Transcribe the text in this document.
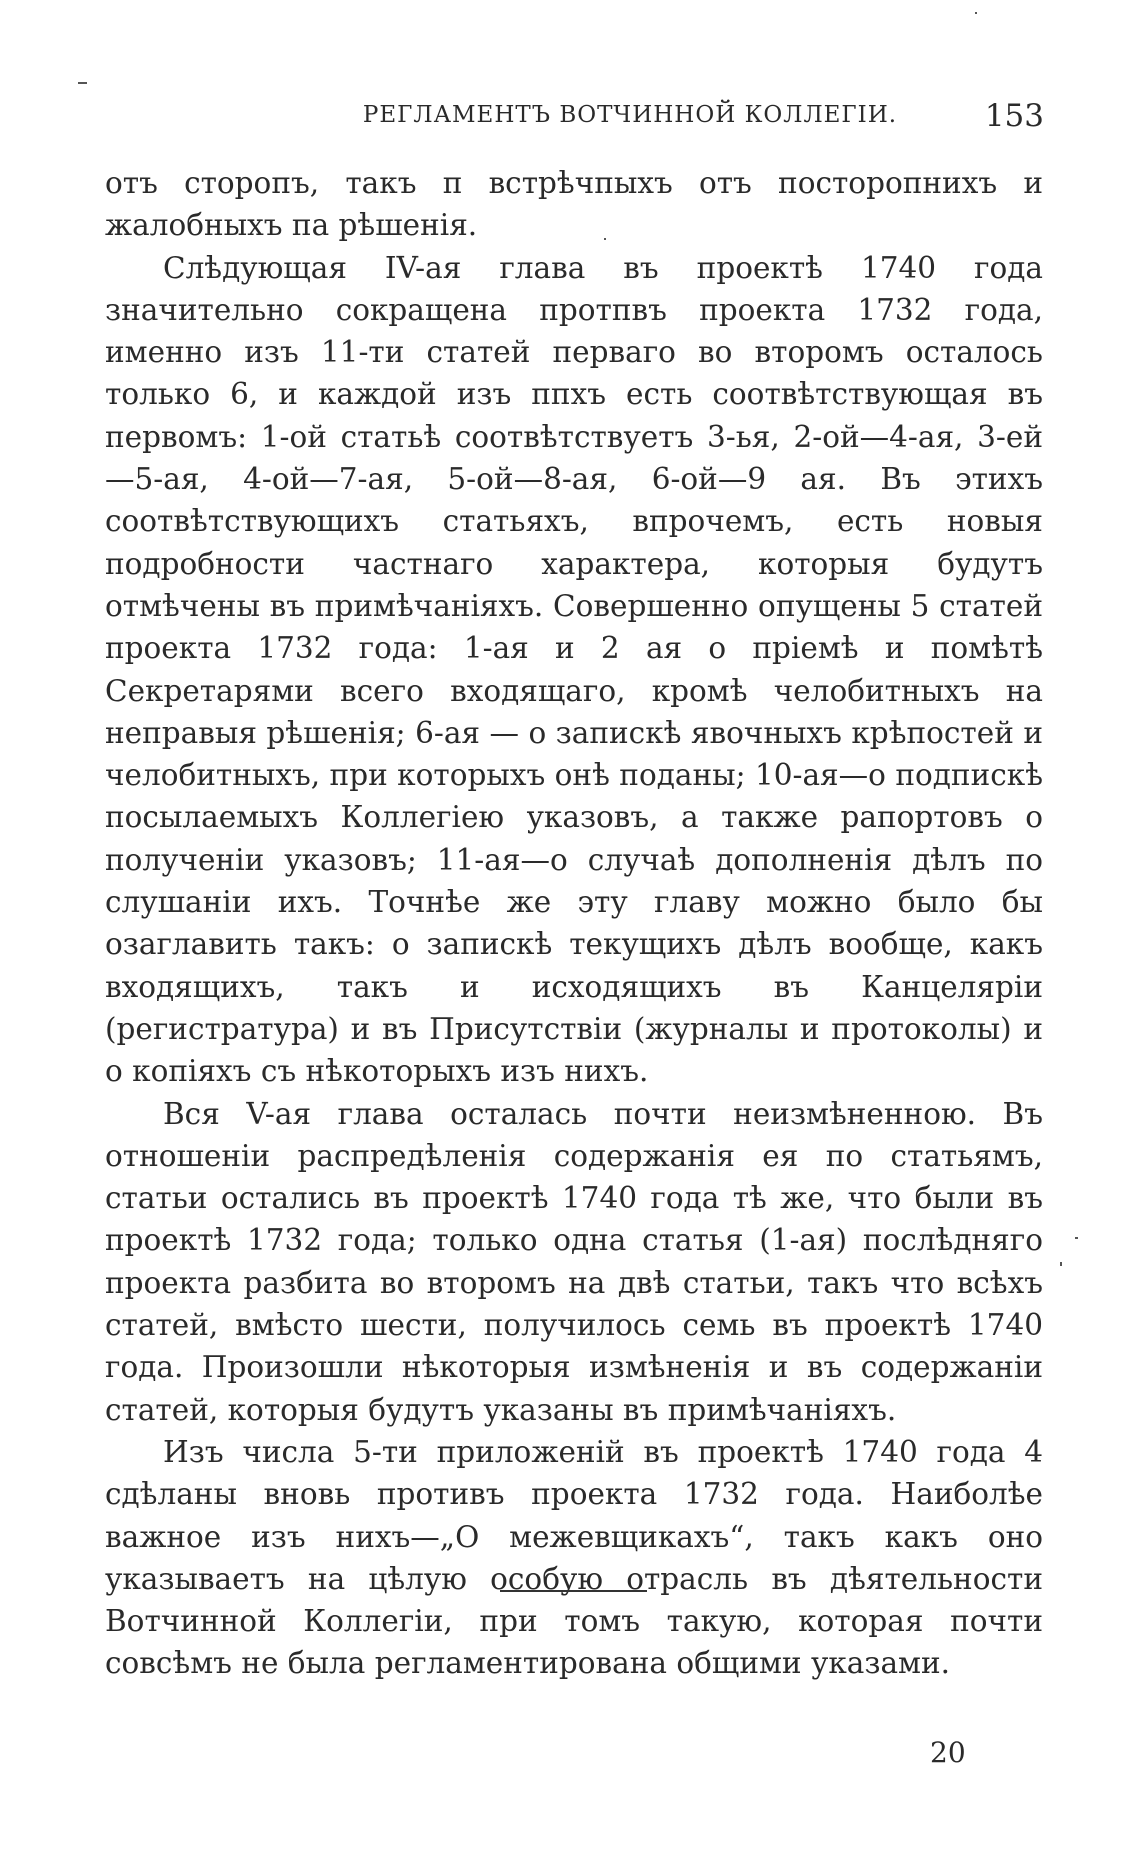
РЕГЛАМЕНТЪ ВОТЧИННОЙ КОЛЛЕГІИ.	153

отъ сторопъ, такъ п встрѣчпыхъ отъ посторопнихъ и жалобныхъ па рѣшенія.

Слѣдующая IV-ая глава въ проектѣ 1740 года значительно сокращена протпвъ проекта 1732 года, именно изъ 11-ти статей перваго во второмъ осталось только 6, и каждой изъ ппхъ есть соотвѣтствующая въ первомъ: 1-ой статьѣ соотвѣтствуетъ 3-ья, 2-ой—4-ая, 3-ей—5-ая, 4-ой—7-ая, 5-ой—8-ая, 6-ой—9 ая. Въ этихъ соотвѣтствующихъ статьяхъ, впрочемъ, есть новыя подробности частнаго характера, которыя будутъ отмѣчены въ примѣчаніяхъ. Совершенно опущены 5 статей проекта 1732 года: 1-ая и 2 ая о пріемѣ и помѣтѣ Секретарями всего входящаго, кромѣ челобитныхъ на неправыя рѣшенія; 6-ая — о запискѣ явочныхъ крѣпостей и челобитныхъ, при которыхъ онѣ поданы; 10-ая—о подпискѣ посылаемыхъ Коллегіею указовъ, а также рапортовъ о полученіи указовъ; 11-ая—о случаѣ дополненія дѣлъ по слушаніи ихъ. Точнѣе же эту главу можно было бы озаглавить такъ: о запискѣ текущихъ дѣлъ вообще, какъ входящихъ, такъ и исходящихъ въ Канцеляріи (регистратура) и въ Присутствіи (журналы и протоколы) и о копіяхъ съ нѣкоторыхъ изъ нихъ.

Вся V-ая глава осталась почти неизмѣненною. Въ отношеніи распредѣленія содержанія ея по статьямъ, статьи остались въ проектѣ 1740 года тѣ же, что были въ проектѣ 1732 года; только одна статья (1-ая) послѣдняго проекта разбита во второмъ на двѣ статьи, такъ что всѣхъ статей, вмѣсто шести, получилось семь въ проектѣ 1740 года. Произошли нѣкоторыя измѣненія и въ содержаніи статей, которыя будутъ указаны въ примѣчаніяхъ.

Изъ числа 5-ти приложеній въ проектѣ 1740 года 4 сдѣланы вновь противъ проекта 1732 года. Наиболѣе важное изъ нихъ—„О межевщикахъ“, такъ какъ оно указываетъ на цѣлую особую отрасль въ дѣятельности Вотчинной Коллегіи, при томъ такую, которая почти совсѣмъ не была регламентирована общими указами.

20
